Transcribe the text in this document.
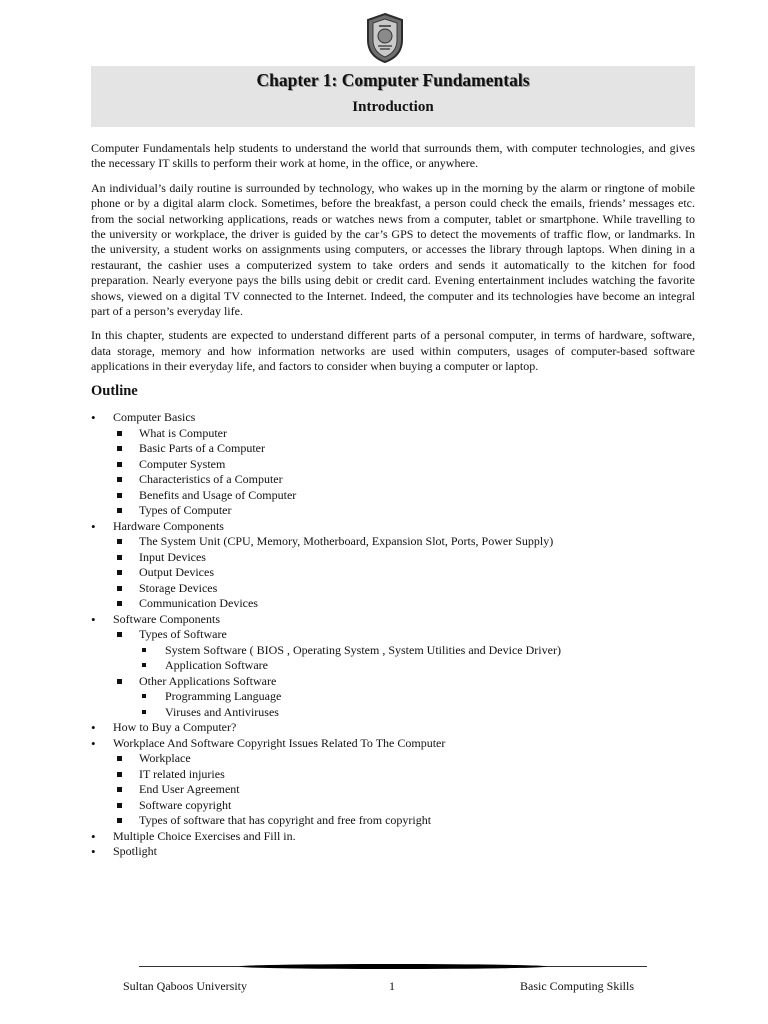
Chapter 1: Computer Fundamentals
Introduction

Computer Fundamentals help students to understand the world that surrounds them, with computer technologies, and gives the necessary IT skills to perform their work at home, in the office, or anywhere.

An individual’s daily routine is surrounded by technology, who wakes up in the morning by the alarm or ringtone of mobile phone or by a digital alarm clock. Sometimes, before the breakfast, a person could check the emails, friends’ messages etc. from the social networking applications, reads or watches news from a computer, tablet or smartphone. While travelling to the university or workplace, the driver is guided by the car’s GPS to detect the movements of traffic flow, or landmarks. In the university, a student works on assignments using computers, or accesses the library through laptops. When dining in a restaurant, the cashier uses a computerized system to take orders and sends it automatically to the kitchen for food preparation. Nearly everyone pays the bills using debit or credit card. Evening entertainment includes watching the favorite shows, viewed on a digital TV connected to the Internet. Indeed, the computer and its technologies have become an integral part of a person’s everyday life.

In this chapter, students are expected to understand different parts of a personal computer, in terms of hardware, software, data storage, memory and how information networks are used within computers, usages of computer-based software applications in their everyday life, and factors to consider when buying a computer or laptop.

Outline
• Computer Basics
What is Computer
Basic Parts of a Computer
Computer System
Characteristics of a Computer
Benefits and Usage of Computer
Types of Computer
• Hardware Components
The System Unit (CPU, Memory, Motherboard, Expansion Slot, Ports, Power Supply)
Input Devices
Output Devices
Storage Devices
Communication Devices
• Software Components
Types of Software
System Software ( BIOS , Operating System , System Utilities and Device Driver)
Application Software
Other Applications Software
Programming Language
Viruses and Antiviruses
• How to Buy a Computer?
• Workplace And Software Copyright Issues Related To The Computer
Workplace
IT related injuries
End User Agreement
Software copyright
Types of software that has copyright and free from copyright
• Multiple Choice Exercises and Fill in.
• Spotlight
Sultan Qaboos University	1	Basic Computing Skills
